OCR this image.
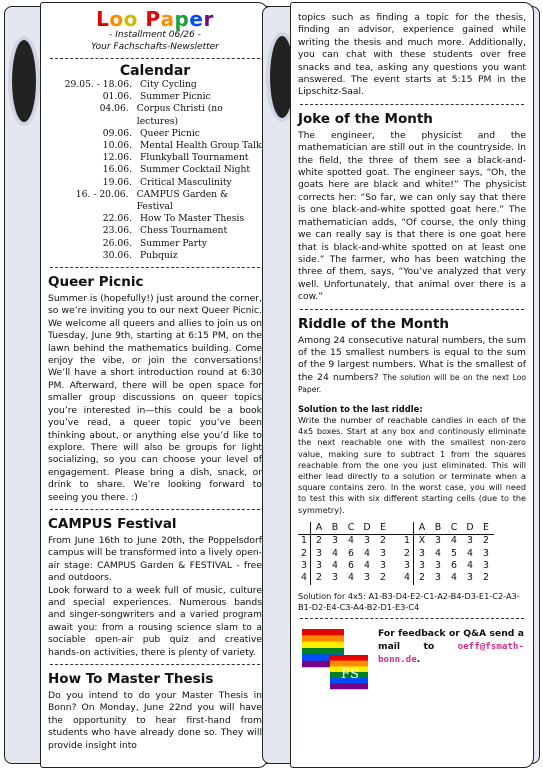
Loo Paper
- Installment 06/26 -
Your Fachschafts-Newsletter
Calendar
29.05. - 18.06. City Cycling
01.06. Summer Picnic
04.06. Corpus Christi (no lectures)
09.06. Queer Picnic
10.06. Mental Health Group Talk
12.06. Flunkyball Tournament
16.06. Summer Cocktail Night
19.06. Critical Masculinity
16. - 20.06. CAMPUS Garden & Festival
22.06. How To Master Thesis
23.06. Chess Tournament
26.06. Summer Party
30.06. Pubquiz
Queer Picnic

Summer is (hopefully!) just around the corner, so we’re inviting you to our next Queer Picnic. We welcome all queers and allies to join us on Tuesday, June 9th, starting at 6:15 PM, on the lawn behind the mathematics building. Come enjoy the vibe, or join the conversations! We’ll have a short introduction round at 6:30 PM. Afterward, there will be open space for smaller group discussions on queer topics you’re interested in—this could be a book you’ve read, a queer topic you’ve been thinking about, or anything else you’d like to explore. There will also be groups for light socializing, so you can choose your level of engagement. Please bring a dish, snack, or drink to share. We’re looking forward to seeing you there. :)

CAMPUS Festival

From June 16th to June 20th, the Poppelsdorf campus will be transformed into a lively open-air stage: CAMPUS Garden & FESTIVAL - free and outdoors.

Look forward to a week full of music, culture and special experiences. Numerous bands and singer-songwriters and a varied program await you: from a rousing science slam to a sociable open-air pub quiz and creative hands-on activities, there is plenty of variety.

How To Master Thesis

Do you intend to do your Master Thesis in Bonn? On Monday, June 22nd you will have the opportunity to hear first-hand from students who have already done so. They will provide insight into

topics such as finding a topic for the thesis, finding an advisor, experience gained while writing the thesis and much more. Additionally, you can chat with these students over free snacks and tea, asking any questions you want answered. The event starts at 5:15 PM in the Lipschitz-Saal.

Joke of the Month

The engineer, the physicist and the mathematician are still out in the countryside. In the field, the three of them see a black-and-white spotted goat. The engineer says, “Oh, the goats here are black and white!” The physicist corrects her: “So far, we can only say that there is one black-and-white spotted goat here.” The mathematician adds, “Of course, the only thing we can really say is that there is one goat here that is black-and-white spotted on at least one side.” The farmer, who has been watching the three of them, says, “You’ve analyzed that very well. Unfortunately, that animal over there is a cow.”

Riddle of the Month

Among 24 consecutive natural numbers, the sum of the 15 smallest numbers is equal to the sum of the 9 largest numbers. What is the smallest of the 24 numbers? The solution will be on the next Loo Paper.

Solution to the last riddle:

Write the number of reachable candies in each of the 4x5 boxes. Start at any box and continously eliminate the next reachable one with the smallest non-zero value, making sure to subtract 1 from the squares reachable from the one you just eliminated. This will either lead directly to a solution or terminate when a square contains zero. In the worst case, you will need to test this with six different starting cells (due to the symmetry).

	A	B	C	D	E			A	B	C	D	E
1	2	3	4	3	2		1	X	3	4	3	2
2	3	4	6	4	3		2	3	4	5	4	3
3	3	4	6	4	3		3	3	3	6	4	3
4	2	3	4	3	2		4	2	3	4	3	2

Solution for 4x5: A1-B3-D4-E2-C1-A2-B4-D3-E1-C2-A3-B1-D2-E4-C3-A4-B2-D1-E3-C4

FS
For feedback or Q&A send a mail to oeff@fsmath-bonn.de.
